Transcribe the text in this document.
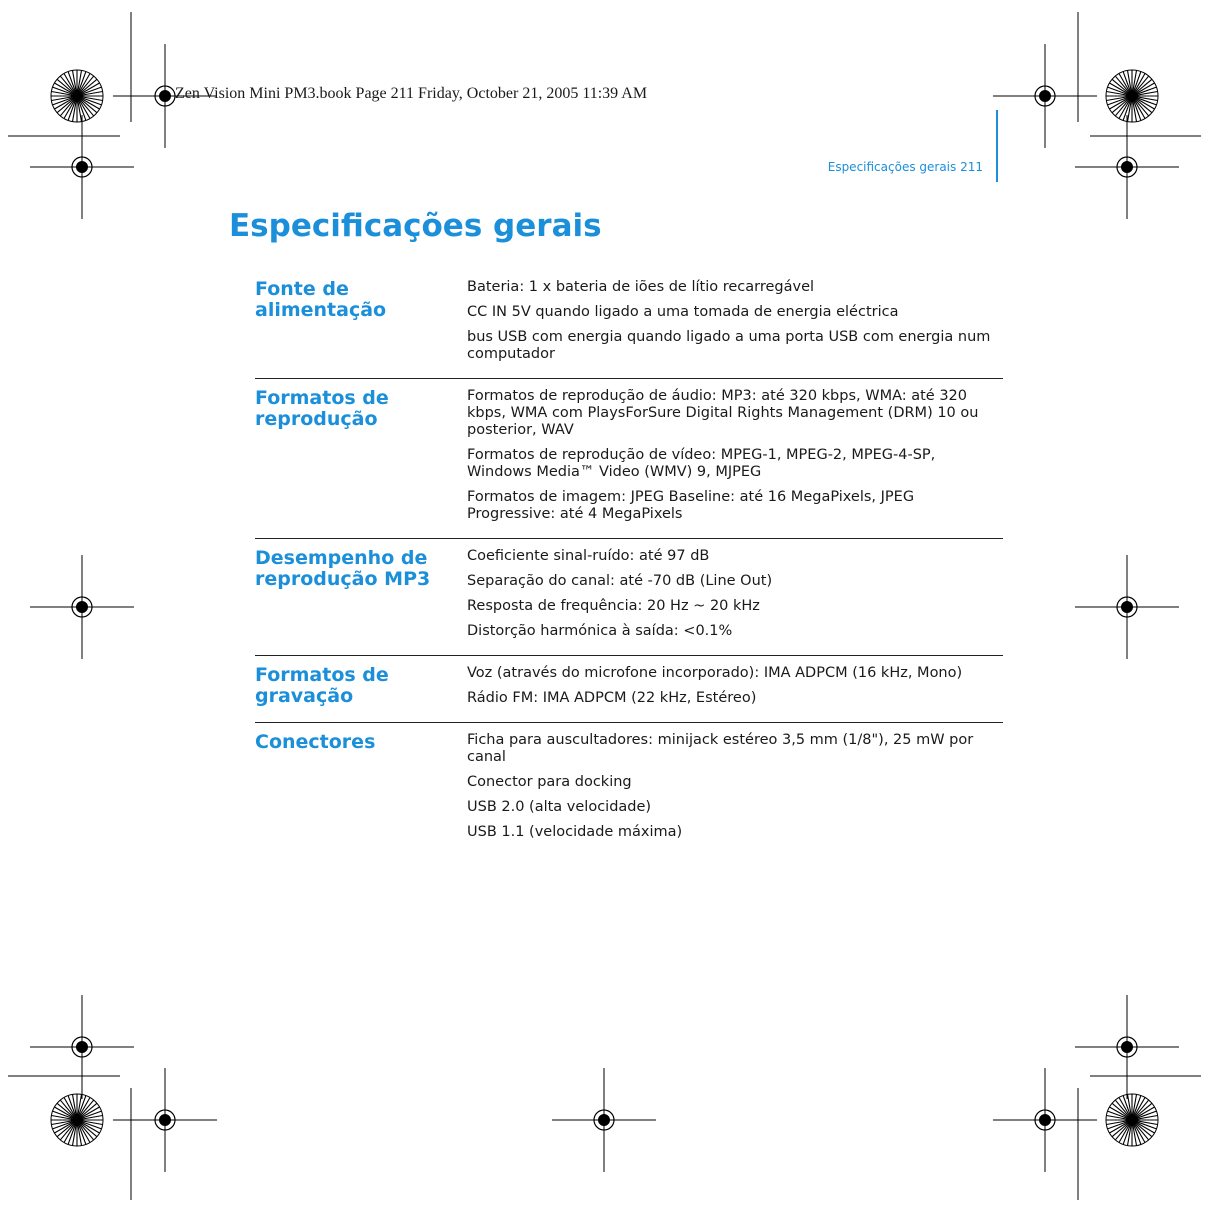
Zen Vision Mini PM3.book Page 211 Friday, October 21, 2005 11:39 AM
Especificações gerais 211
Especificações gerais
Fonte de alimentação
Bateria: 1 x bateria de iões de lítio recarregável
CC IN 5V quando ligado a uma tomada de energia eléctrica
bus USB com energia quando ligado a uma porta USB com energia num computador
Formatos de reprodução
Formatos de reprodução de áudio: MP3: até 320 kbps, WMA: até 320 kbps, WMA com PlaysForSure Digital Rights Management (DRM) 10 ou posterior, WAV
Formatos de reprodução de vídeo: MPEG-1, MPEG-2, MPEG-4-SP, Windows Media™ Video (WMV) 9, MJPEG
Formatos de imagem: JPEG Baseline: até 16 MegaPixels, JPEG Progressive: até 4 MegaPixels
Desempenho de reprodução MP3
Coeficiente sinal-ruído: até 97 dB
Separação do canal: até -70 dB (Line Out)
Resposta de frequência: 20 Hz ~ 20 kHz
Distorção harmónica à saída: <0.1%
Formatos de gravação
Voz (através do microfone incorporado): IMA ADPCM (16 kHz, Mono)
Rádio FM: IMA ADPCM (22 kHz, Estéreo)
Conectores	Ficha para auscultadores: minijack estéreo 3,5 mm (1/8"), 25 mW por canal
Conector para docking
USB 2.0 (alta velocidade)
USB 1.1 (velocidade máxima)
